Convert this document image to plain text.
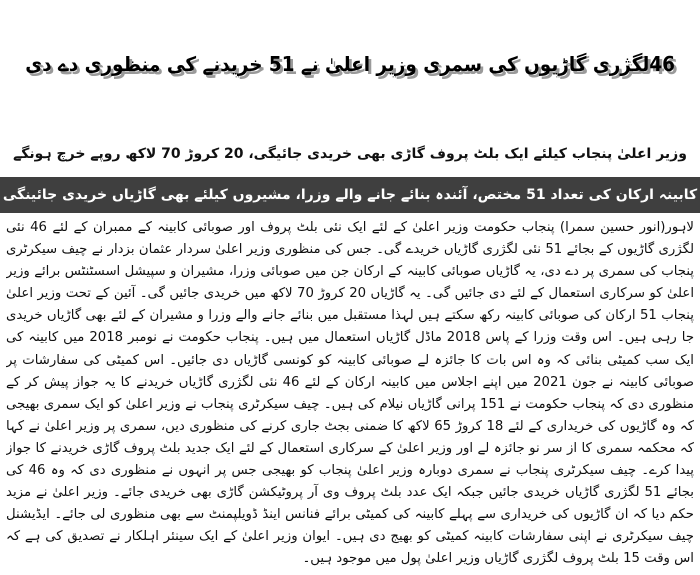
46لگژری گاڑیوں کی سمری وزیر اعلیٰ نے 51 خریدنے کی منظوری دے دی
وزیر اعلیٰ پنجاب کیلئے ایک بلٹ پروف گاڑی بھی خریدی جائیگی، 20 کروڑ 70 لاکھ روپے خرچ ہونگے
کابینہ ارکان کی تعداد 51 مختص، آئندہ بنائے جانے والے وزرا، مشیروں کیلئے بھی گاڑیاں خریدی جائینگی

لاہور(انور حسین سمرا) پنجاب حکومت وزیر اعلیٰ کے لئے ایک نئی بلٹ پروف اور صوبائی کابینہ کے ممبران کے لئے 46 نئی لگژری گاڑیوں کے بجائے 51 نئی لگژری گاڑیاں خریدے گی۔ جس کی منظوری وزیر اعلیٰ سردار عثمان بزدار نے چیف سیکرٹری پنجاب کی سمری پر دے دی، یہ گاڑیاں صوبائی کابینہ کے ارکان جن میں صوبائی وزرا، مشیران و سپیشل اسسٹنٹس برائے وزیر اعلیٰ کو سرکاری استعمال کے لئے دی جائیں گی۔ یہ گاڑیاں 20 کروڑ 70 لاکھ میں خریدی جائیں گی۔ آئین کے تحت وزیر اعلیٰ پنجاب 51 ارکان کی صوبائی کابینہ رکھ سکتے ہیں لہذا مستقبل میں بنائے جانے والے وزرا و مشیران کے لئے بھی گاڑیاں خریدی جا رہی ہیں۔ اس وقت وزرا کے پاس 2018 ماڈل گاڑیاں استعمال میں ہیں۔ پنجاب حکومت نے نومبر 2018 میں کابینہ کی ایک سب کمیٹی بنائی کہ وہ اس بات کا جائزہ لے صوبائی کابینہ کو کونسی گاڑیاں دی جائیں۔ اس کمیٹی کی سفارشات پر صوبائی کابینہ نے جون 2021 میں اپنے اجلاس میں کابینہ ارکان کے لئے 46 نئی لگژری گاڑیاں خریدنے کا یہ جواز پیش کر کے منظوری دی کہ پنجاب حکومت نے 151 پرانی گاڑیاں نیلام کی ہیں۔ چیف سیکرٹری پنجاب نے وزیر اعلیٰ کو ایک سمری بھیجی کہ وہ گاڑیوں کی خریداری کے لئے 18 کروڑ 65 لاکھ کا ضمنی بجٹ جاری کرنے کی منظوری دیں، سمری پر وزیر اعلیٰ نے کہا کہ محکمہ سمری کا از سر نو جائزہ لے اور وزیر اعلیٰ کے سرکاری استعمال کے لئے ایک جدید بلٹ پروف گاڑی خریدنے کا جواز پیدا کرے۔ چیف سیکرٹری پنجاب نے سمری دوبارہ وزیر اعلیٰ پنجاب کو بھیجی جس پر انہوں نے منظوری دی کہ وہ 46 کی بجائے 51 لگژری گاڑیاں خریدی جائیں جبکہ ایک عدد بلٹ پروف وی آر پروٹیکشن گاڑی بھی خریدی جائے۔ وزیر اعلیٰ نے مزید حکم دیا کہ ان گاڑیوں کی خریداری سے پہلے کابینہ کی کمیٹی برائے فنانس اینڈ ڈویلپمنٹ سے بھی منظوری لی جائے۔ ایڈیشنل چیف سیکرٹری نے اپنی سفارشات کابینہ کمیٹی کو بھیج دی ہیں۔ ایوان وزیر اعلیٰ کے ایک سینئر اہلکار نے تصدیق کی ہے کہ اس وقت 15 بلٹ پروف لگژری گاڑیاں وزیر اعلیٰ پول میں موجود ہیں۔
